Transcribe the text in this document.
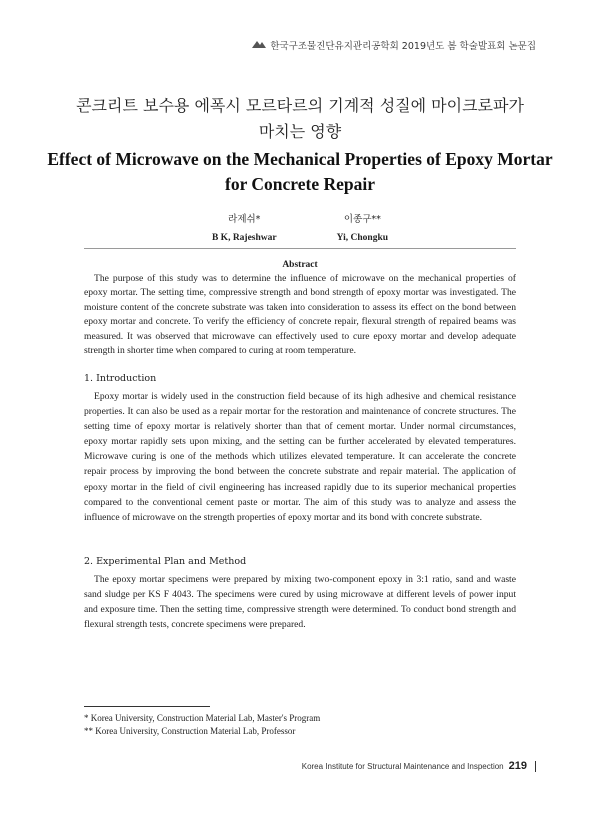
한국구조물진단유지관리공학회 2019년도 봄 학술발표회 논문집
콘크리트 보수용 에폭시 모르타르의 기계적 성질에 마이크로파가
마치는 영향
Effect of Microwave on the Mechanical Properties of Epoxy Mortar
for Concrete Repair
라제쉬*
B K, Rajeshwar
이종구**
Yi, Chongku
Abstract

The purpose of this study was to determine the influence of microwave on the mechanical properties of epoxy mortar. The setting time, compressive strength and bond strength of epoxy mortar was investigated. The moisture content of the concrete substrate was taken into consideration to assess its effect on the bond between epoxy mortar and concrete. To verify the efficiency of concrete repair, flexural strength of repaired beams was measured. It was observed that microwave can effectively used to cure epoxy mortar and develop adequate strength in shorter time when compared to curing at room temperature.

1. Introduction

Epoxy mortar is widely used in the construction field because of its high adhesive and chemical resistance properties. It can also be used as a repair mortar for the restoration and maintenance of concrete structures. The setting time of epoxy mortar is relatively shorter than that of cement mortar. Under normal circumstances, epoxy mortar rapidly sets upon mixing, and the setting can be further accelerated by elevated temperatures. Microwave curing is one of the methods which utilizes elevated temperature. It can accelerate the concrete repair process by improving the bond between the concrete substrate and repair material. The application of epoxy mortar in the field of civil engineering has increased rapidly due to its superior mechanical properties compared to the conventional cement paste or mortar. The aim of this study was to analyze and assess the influence of microwave on the strength properties of epoxy mortar and its bond with concrete substrate.

2. Experimental Plan and Method

The epoxy mortar specimens were prepared by mixing two-component epoxy in 3:1 ratio, sand and waste sand sludge per KS F 4043. The specimens were cured by using microwave at different levels of power input and exposure time. Then the setting time, compressive strength were determined. To conduct bond strength and flexural strength tests, concrete specimens were prepared.

* Korea University, Construction Material Lab, Master's Program
** Korea University, Construction Material Lab, Professor
Korea Institute for Structural Maintenance and Inspection 219
